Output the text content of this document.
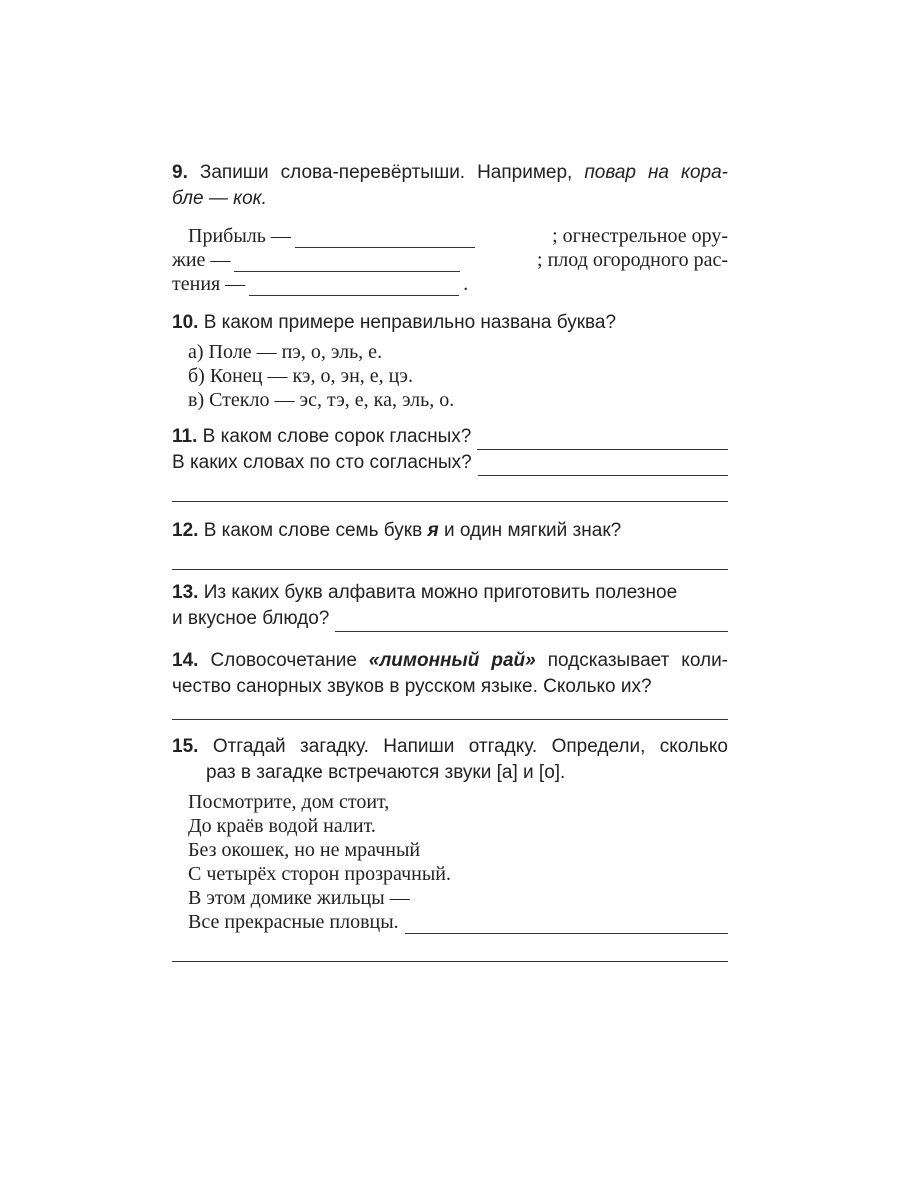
9. Запиши слова-перевёртыши. Например, повар на кора-
бле — кок.
Прибыль —	; огнестрельное ору-
жие —	; плод огородного рас-
тения —	.
10. В каком примере неправильно названа буква?
а) Поле — пэ, о, эль, е.
б) Конец — кэ, о, эн, е, цэ.
в) Стекло — эс, тэ, е, ка, эль, о.
11.
В каком слове сорок гласных?
В каких словах по сто согласных?
12. В каком слове семь букв я и один мягкий знак?
13. Из каких букв алфавита можно приготовить полезное
и вкусное блюдо?
14. Словосочетание «лимонный рай» подсказывает коли-
чество санорных звуков в русском языке. Сколько их?
15. Отгадай загадку. Напиши отгадку. Определи, сколько
раз в загадке встречаются звуки [а] и [о].
Посмотрите, дом стоит,
До краёв водой налит.
Без окошек, но не мрачный
С четырёх сторон прозрачный.
В этом домике жильцы —
Все прекрасные пловцы.
